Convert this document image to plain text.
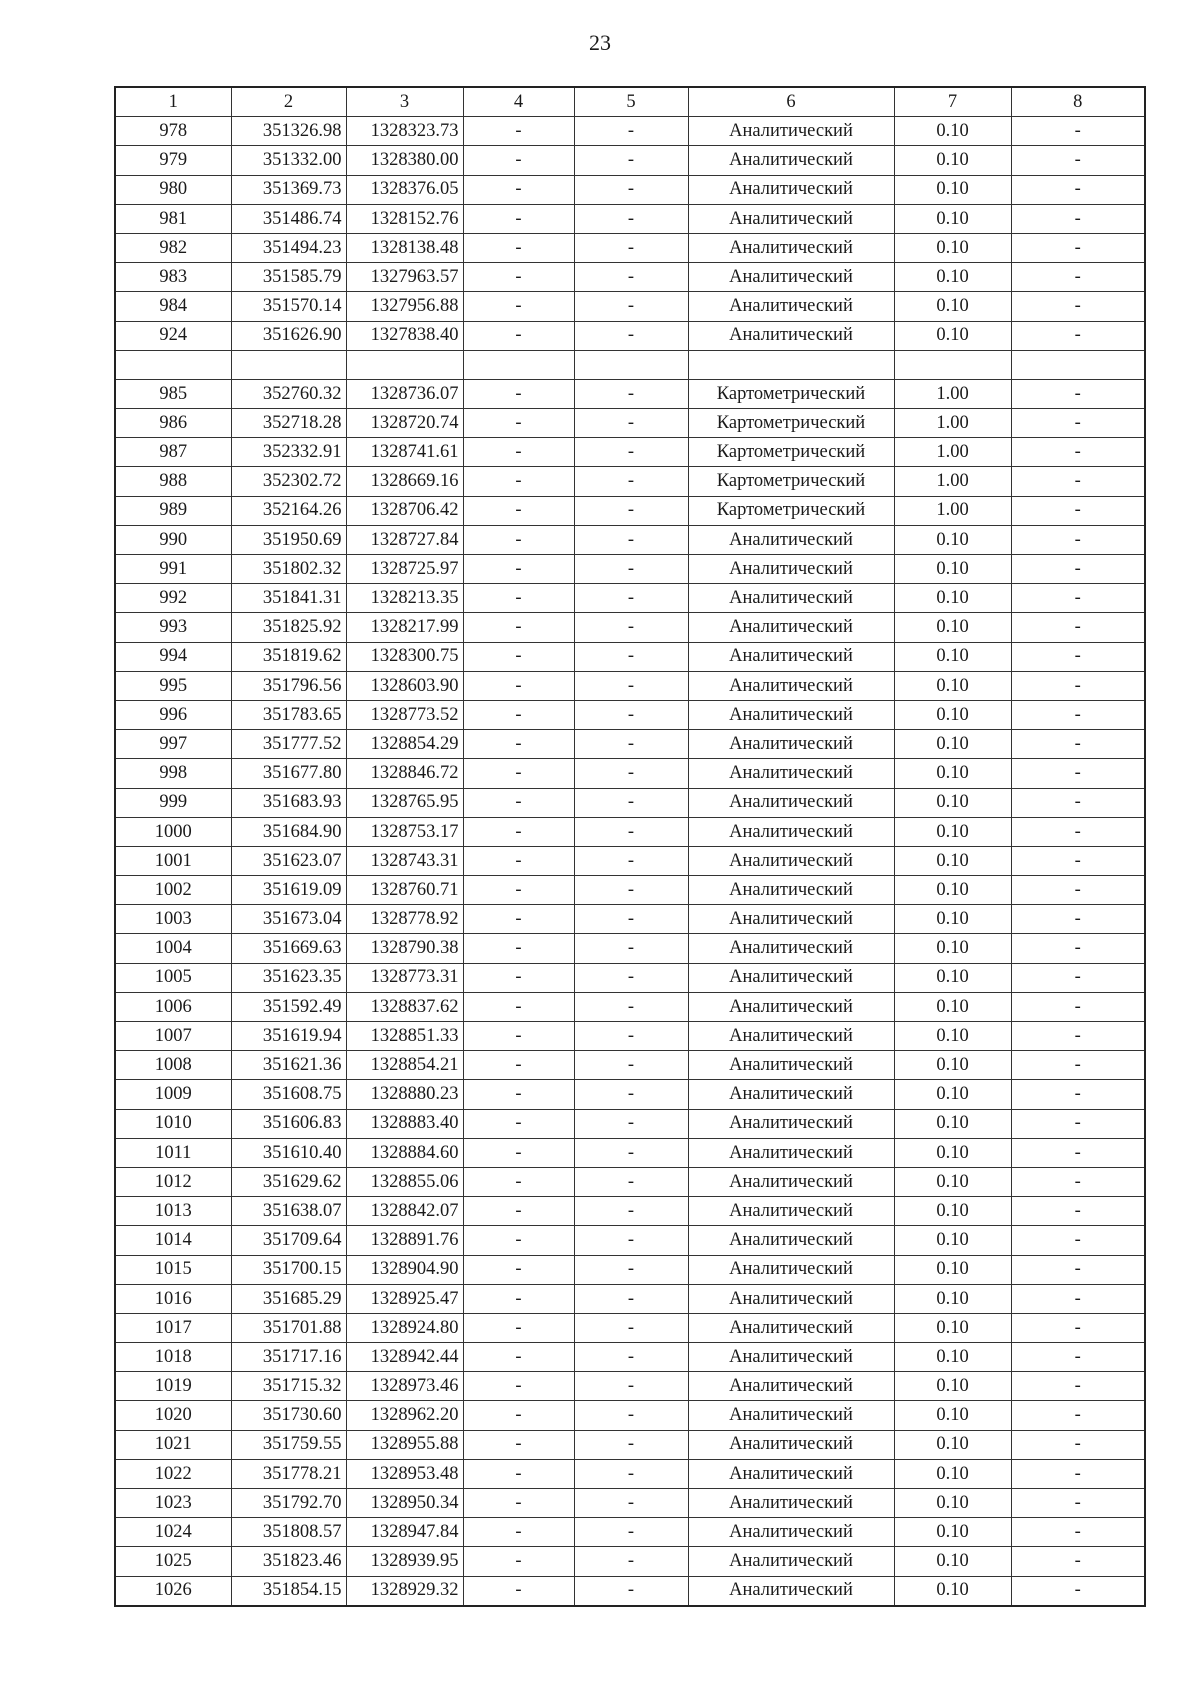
23
1	2	3	4	5	6	7	8
978	351326.98	1328323.73	-	-	Аналитический	0.10	-
979	351332.00	1328380.00	-	-	Аналитический	0.10	-
980	351369.73	1328376.05	-	-	Аналитический	0.10	-
981	351486.74	1328152.76	-	-	Аналитический	0.10	-
982	351494.23	1328138.48	-	-	Аналитический	0.10	-
983	351585.79	1327963.57	-	-	Аналитический	0.10	-
984	351570.14	1327956.88	-	-	Аналитический	0.10	-
924	351626.90	1327838.40	-	-	Аналитический	0.10	-

985	352760.32	1328736.07	-	-	Картометрический	1.00	-
986	352718.28	1328720.74	-	-	Картометрический	1.00	-
987	352332.91	1328741.61	-	-	Картометрический	1.00	-
988	352302.72	1328669.16	-	-	Картометрический	1.00	-
989	352164.26	1328706.42	-	-	Картометрический	1.00	-
990	351950.69	1328727.84	-	-	Аналитический	0.10	-
991	351802.32	1328725.97	-	-	Аналитический	0.10	-
992	351841.31	1328213.35	-	-	Аналитический	0.10	-
993	351825.92	1328217.99	-	-	Аналитический	0.10	-
994	351819.62	1328300.75	-	-	Аналитический	0.10	-
995	351796.56	1328603.90	-	-	Аналитический	0.10	-
996	351783.65	1328773.52	-	-	Аналитический	0.10	-
997	351777.52	1328854.29	-	-	Аналитический	0.10	-
998	351677.80	1328846.72	-	-	Аналитический	0.10	-
999	351683.93	1328765.95	-	-	Аналитический	0.10	-
1000	351684.90	1328753.17	-	-	Аналитический	0.10	-
1001	351623.07	1328743.31	-	-	Аналитический	0.10	-
1002	351619.09	1328760.71	-	-	Аналитический	0.10	-
1003	351673.04	1328778.92	-	-	Аналитический	0.10	-
1004	351669.63	1328790.38	-	-	Аналитический	0.10	-
1005	351623.35	1328773.31	-	-	Аналитический	0.10	-
1006	351592.49	1328837.62	-	-	Аналитический	0.10	-
1007	351619.94	1328851.33	-	-	Аналитический	0.10	-
1008	351621.36	1328854.21	-	-	Аналитический	0.10	-
1009	351608.75	1328880.23	-	-	Аналитический	0.10	-
1010	351606.83	1328883.40	-	-	Аналитический	0.10	-
1011	351610.40	1328884.60	-	-	Аналитический	0.10	-
1012	351629.62	1328855.06	-	-	Аналитический	0.10	-
1013	351638.07	1328842.07	-	-	Аналитический	0.10	-
1014	351709.64	1328891.76	-	-	Аналитический	0.10	-
1015	351700.15	1328904.90	-	-	Аналитический	0.10	-
1016	351685.29	1328925.47	-	-	Аналитический	0.10	-
1017	351701.88	1328924.80	-	-	Аналитический	0.10	-
1018	351717.16	1328942.44	-	-	Аналитический	0.10	-
1019	351715.32	1328973.46	-	-	Аналитический	0.10	-
1020	351730.60	1328962.20	-	-	Аналитический	0.10	-
1021	351759.55	1328955.88	-	-	Аналитический	0.10	-
1022	351778.21	1328953.48	-	-	Аналитический	0.10	-
1023	351792.70	1328950.34	-	-	Аналитический	0.10	-
1024	351808.57	1328947.84	-	-	Аналитический	0.10	-
1025	351823.46	1328939.95	-	-	Аналитический	0.10	-
1026	351854.15	1328929.32	-	-	Аналитический	0.10	-
